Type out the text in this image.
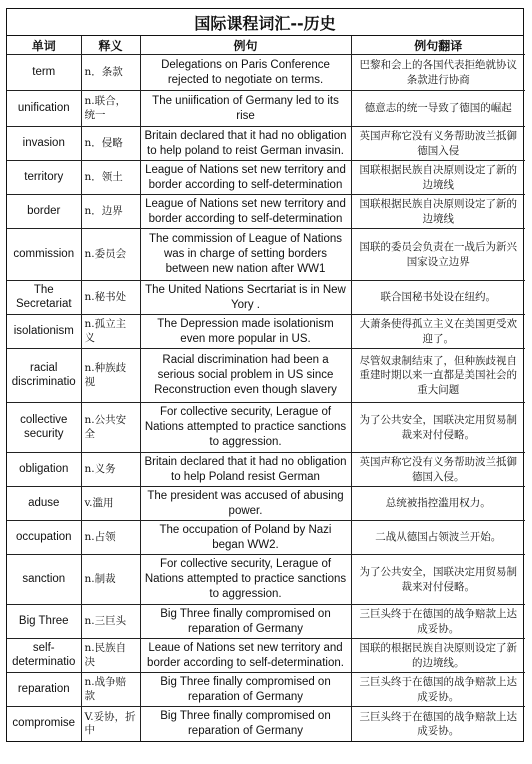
国际课程词汇--历史
单词	释义	例句	例句翻译
term	n．条款	Delegations on Paris Conference rejected to negotiate on terms.	巴黎和会上的各国代表拒绝就协议条款进行协商
unification	n.联合，统一	The uniification of Germany led to its rise	德意志的统一导致了德国的崛起
invasion	n．侵略	Britain declared that it had no obligation to help poland to reist German invasin.	英国声称它没有义务帮助波兰抵御德国入侵
territory	n．领土	League of Nations set new territory and border according to self-determination	国联根据民族自决原则设定了新的边境线
border	n．边界	League of Nations set new territory and border according to self-determination	国联根据民族自决原则设定了新的边境线
commission	n.委员会	The commission of League of Nations was in charge of setting borders between new nation after WW1	国联的委员会负责在一战后为新兴国家设立边界
The Secretariat	n.秘书处	The United Nations Secrtariat is in New Yory .	联合国秘书处设在纽约。
isolationism	n.孤立主义	The Depression made isolationism even more popular in US.	大萧条使得孤立主义在美国更受欢迎了。
racial discriminatio	n.种族歧视	Racial discrimination had been a serious social problem in US since Reconstruction even though slavery	尽管奴隶制结束了，但种族歧视自重建时期以来一直都是美国社会的重大问题
collective security	n.公共安全	For collective security, Lerague of Nations attempted to practice sanctions to aggression.	为了公共安全，国联决定用贸易制裁来对付侵略。
obligation	n.义务	Britain declared that it had no obligation to help Poland resist German	英国声称它没有义务帮助波兰抵御德国入侵。
aduse	v.滥用	The president was accused of abusing power.	总统被指控滥用权力。
occupation	n.占领	The occupation of Poland by Nazi began WW2.	二战从德国占领波兰开始。
sanction	n.制裁	For collective security, Lerague of Nations attempted to practice sanctions to aggression.	为了公共安全，国联决定用贸易制裁来对付侵略。
Big Three	n.三巨头	Big Three finally compromised on reparation of Germany	三巨头终于在德国的战争赔款上达成妥协。
self-determinatio	n.民族自决	Leaue of Nations set new territory and border according to self-determination.	国联的根据民族自决原则设定了新的边境线。
reparation	n.战争赔款	Big Three finally compromised on reparation of Germany	三巨头终于在德国的战争赔款上达成妥协。
compromise	V.妥协，折中	Big Three finally compromised on reparation of Germany	三巨头终于在德国的战争赔款上达成妥协。
